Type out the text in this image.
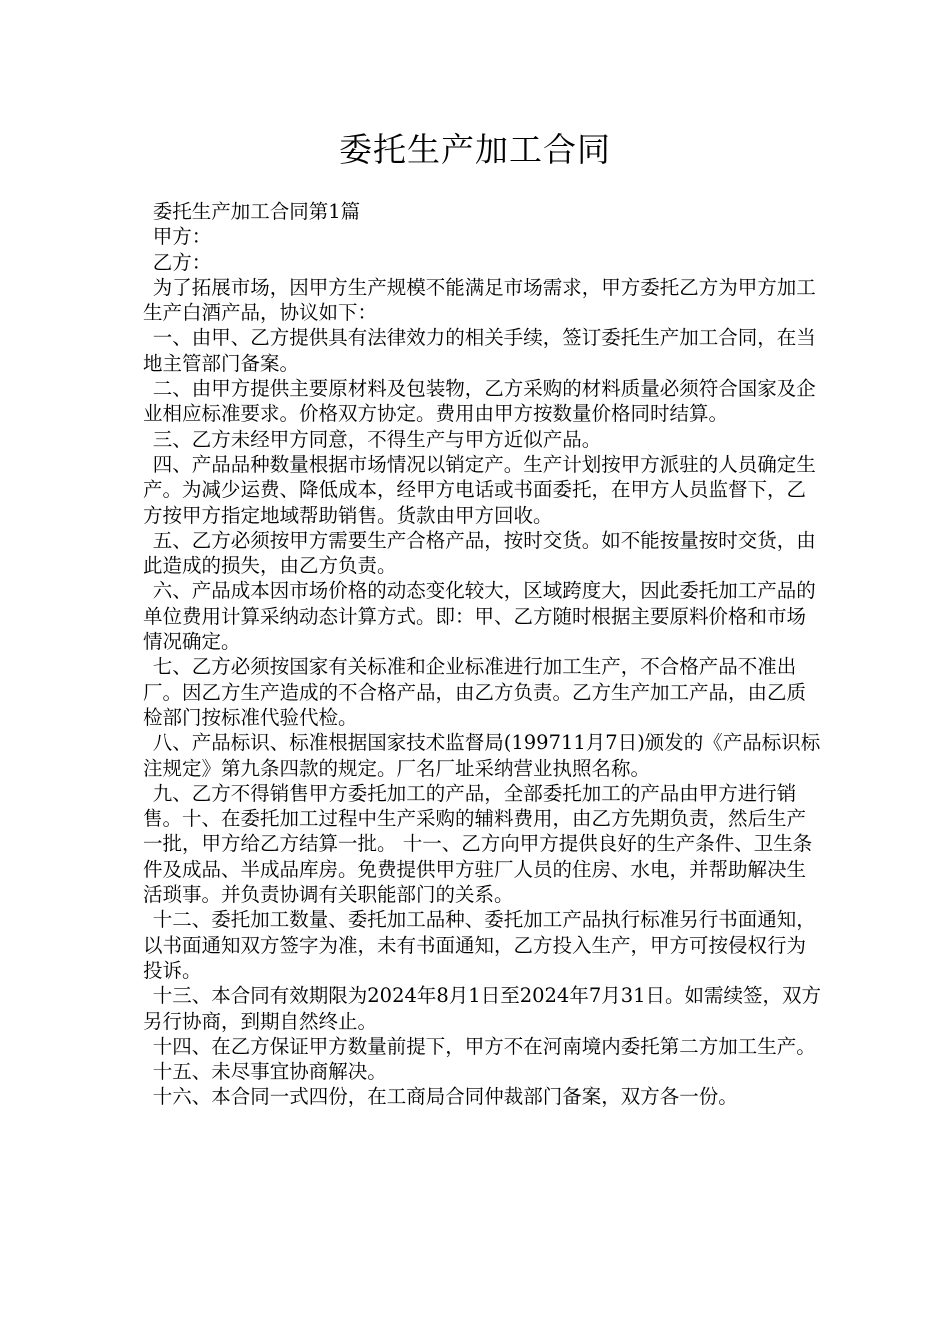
委托生产加工合同

委托生产加工合同第1篇

甲方：

乙方：

为了拓展市场，因甲方生产规模不能满足市场需求，甲方委托乙方为甲方加工生产白酒产品，协议如下：

一、由甲、乙方提供具有法律效力的相关手续，签订委托生产加工合同，在当地主管部门备案。

二、由甲方提供主要原材料及包装物，乙方采购的材料质量必须符合国家及企业相应标准要求。价格双方协定。费用由甲方按数量价格同时结算。

三、乙方未经甲方同意，不得生产与甲方近似产品。

四、产品品种数量根据市场情况以销定产。生产计划按甲方派驻的人员确定生产。为减少运费、降低成本，经甲方电话或书面委托，在甲方人员监督下，乙方按甲方指定地域帮助销售。货款由甲方回收。

五、乙方必须按甲方需要生产合格产品，按时交货。如不能按量按时交货，由此造成的损失，由乙方负责。

六、产品成本因市场价格的动态变化较大，区域跨度大，因此委托加工产品的单位费用计算采纳动态计算方式。即：甲、乙方随时根据主要原料价格和市场情况确定。

七、乙方必须按国家有关标准和企业标准进行加工生产，不合格产品不准出厂。因乙方生产造成的不合格产品，由乙方负责。乙方生产加工产品，由乙质检部门按标准代验代检。

八、产品标识、标准根据国家技术监督局(199711月7日)颁发的《产品标识标注规定》第九条四款的规定。厂名厂址采纳营业执照名称。

九、乙方不得销售甲方委托加工的产品，全部委托加工的产品由甲方进行销售。十、在委托加工过程中生产采购的辅料费用，由乙方先期负责，然后生产一批，甲方给乙方结算一批。 十一、乙方向甲方提供良好的生产条件、卫生条件及成品、半成品库房。免费提供甲方驻厂人员的住房、水电，并帮助解决生活琐事。并负责协调有关职能部门的关系。

十二、委托加工数量、委托加工品种、委托加工产品执行标准另行书面通知，以书面通知双方签字为准，未有书面通知，乙方投入生产，甲方可按侵权行为投诉。

十三、本合同有效期限为2024年8月1日至2024年7月31日。如需续签，双方另行协商，到期自然终止。

十四、在乙方保证甲方数量前提下，甲方不在河南境内委托第二方加工生产。

十五、未尽事宜协商解决。

十六、本合同一式四份，在工商局合同仲裁部门备案，双方各一份。
